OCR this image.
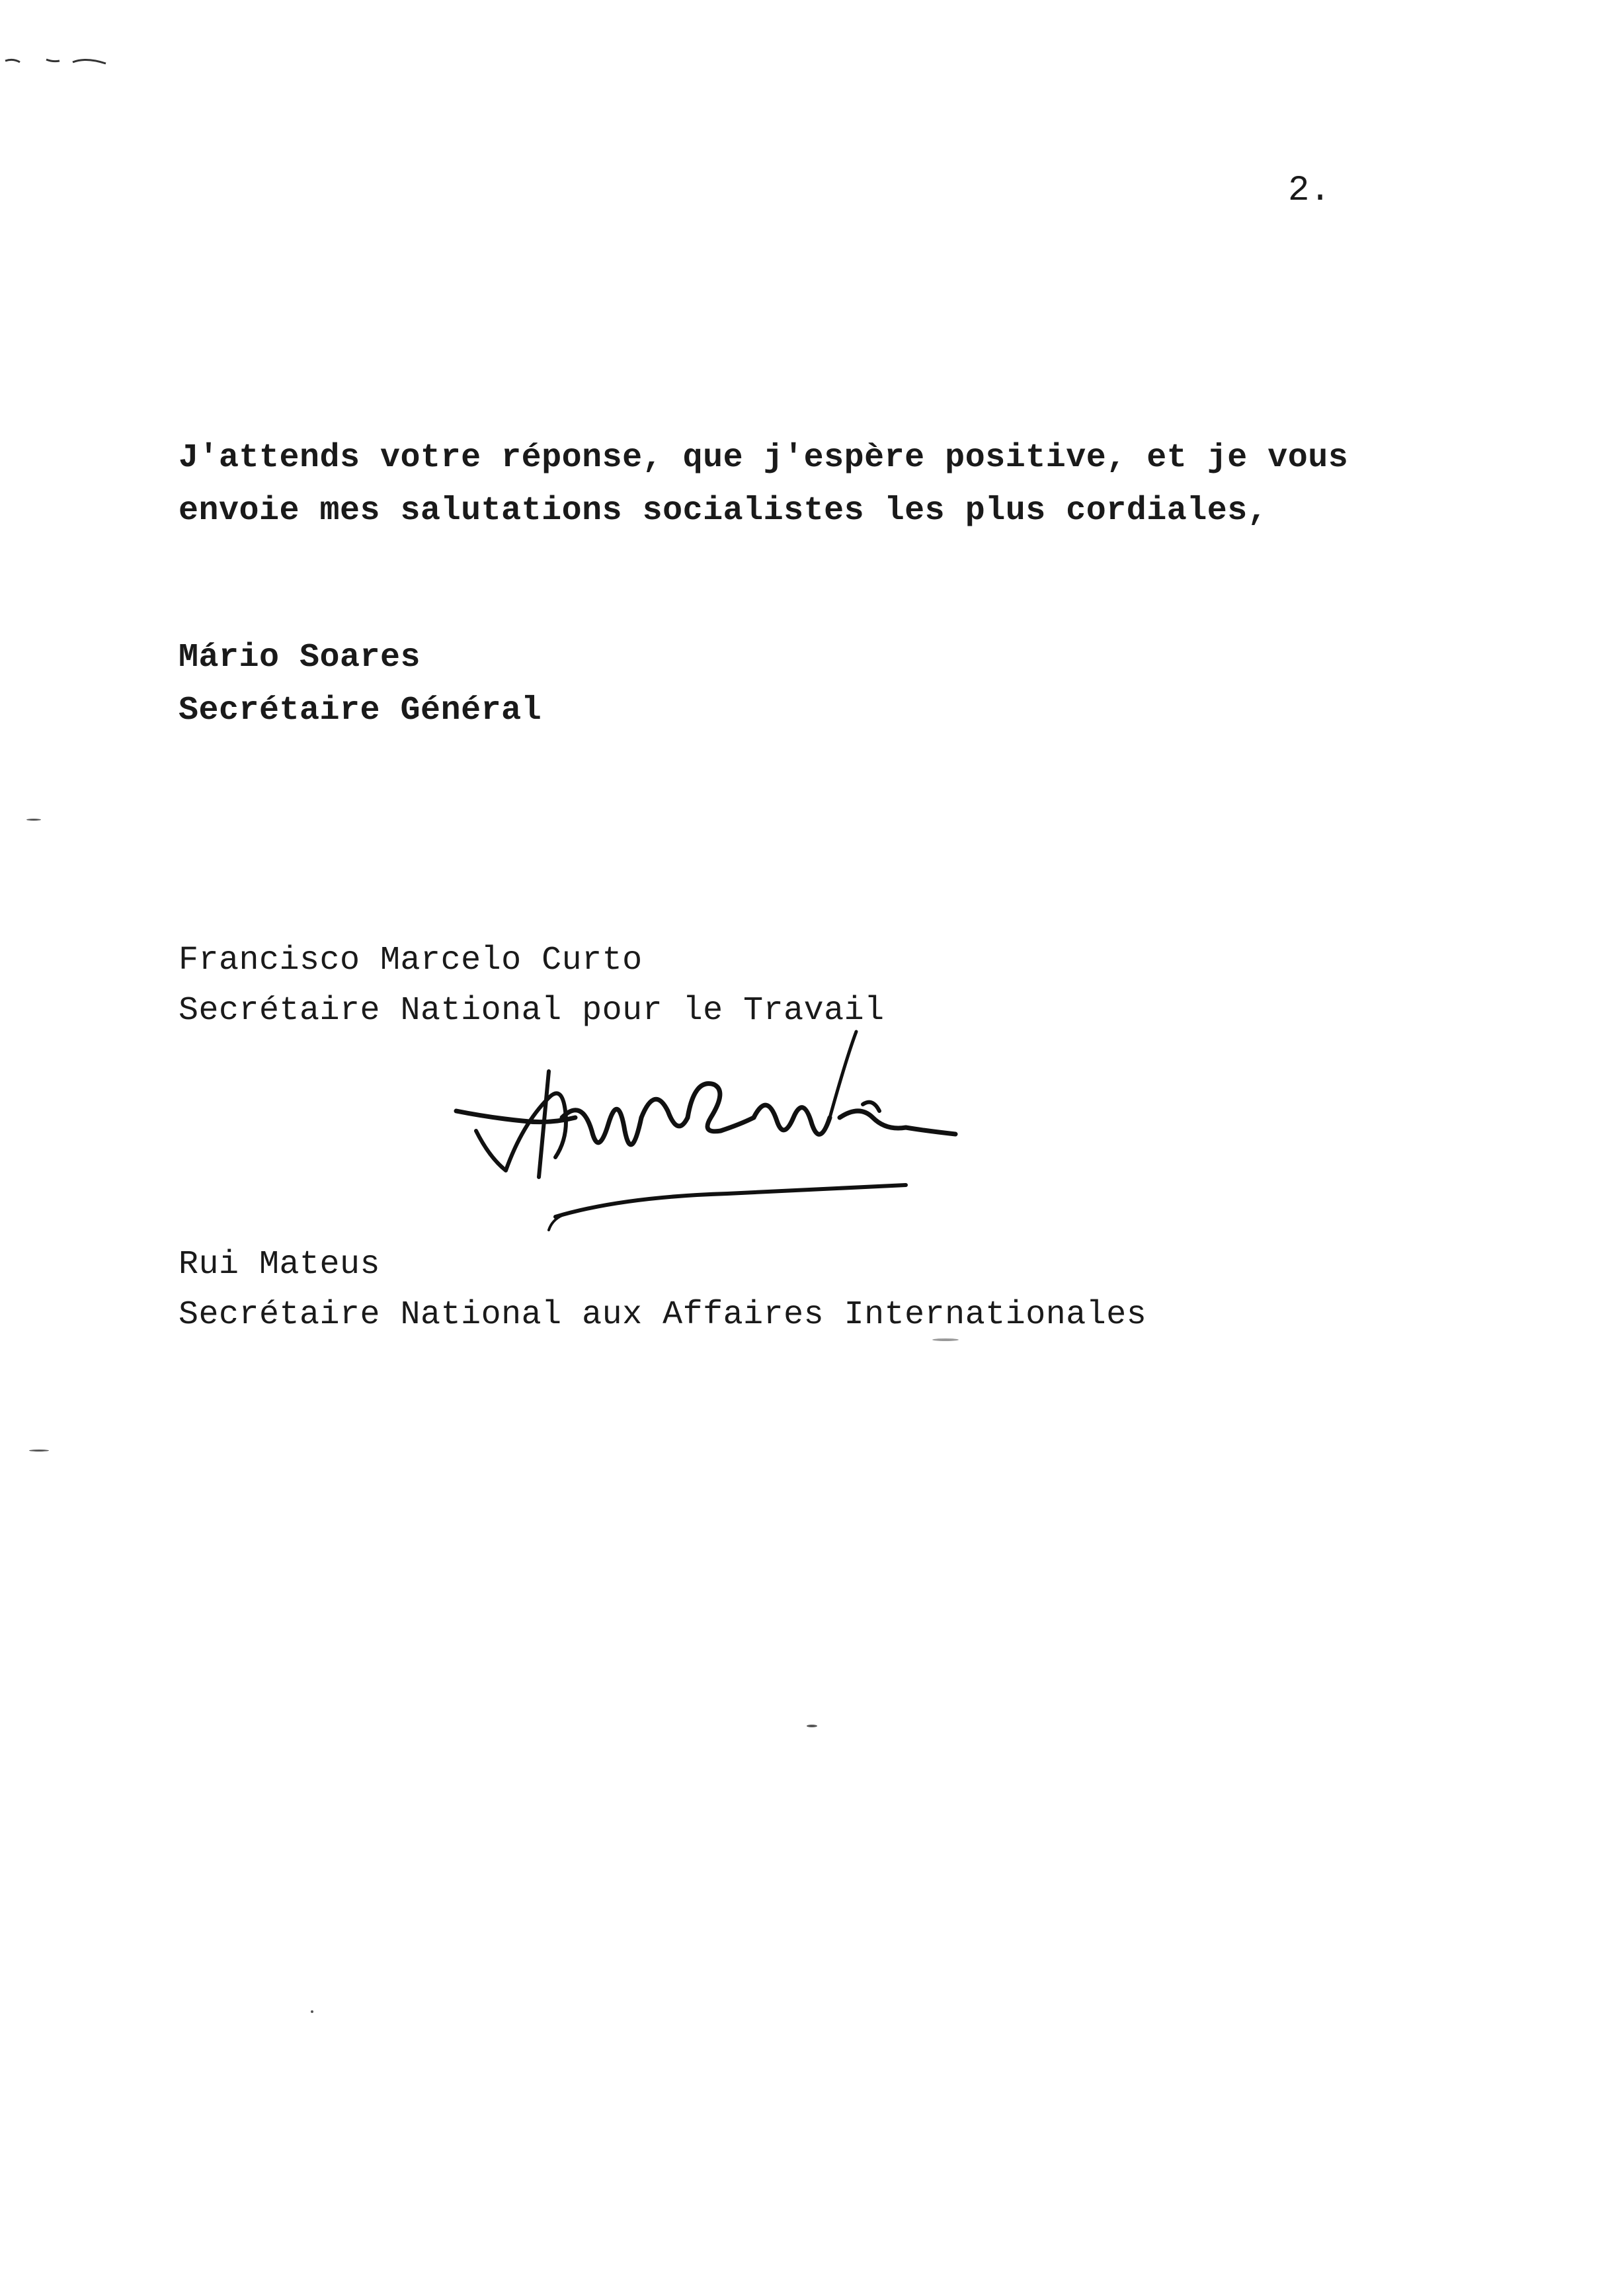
2.
J'attends votre réponse, que j'espère positive, et je vous
envoie mes salutations socialistes les plus cordiales,
Mário Soares
Secrétaire Général
Francisco Marcelo Curto
Secrétaire National pour le Travail
Rui Mateus
Secrétaire National aux Affaires Internationales
